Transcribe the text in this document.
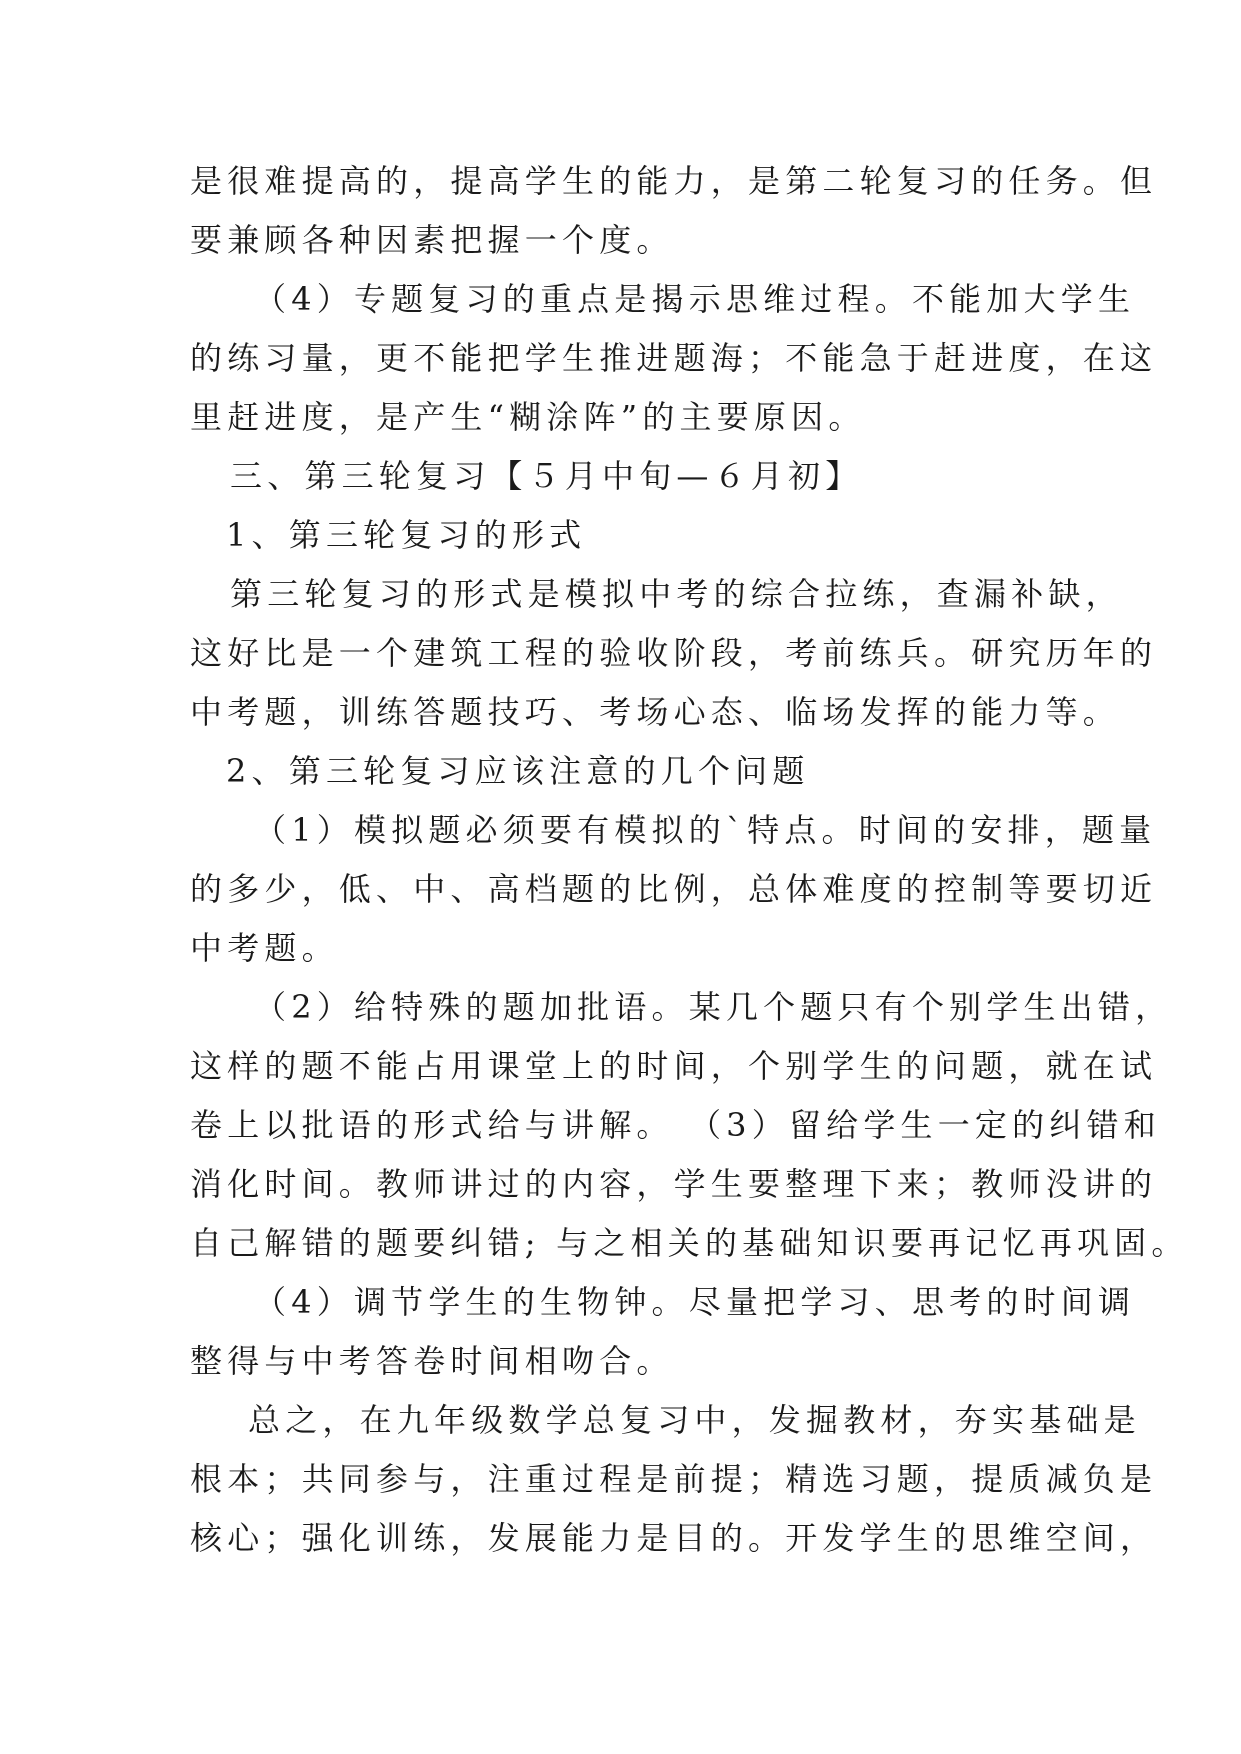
是很难提高的，提高学生的能力，是第二轮复习的任务。但
要兼顾各种因素把握一个度。
（4）专题复习的重点是揭示思维过程。不能加大学生
的练习量，更不能把学生推进题海；不能急于赶进度，在这
里赶进度，是产生“糊涂阵”的主要原因。
三、第三轮复习【５月中旬—６月初】
1、第三轮复习的形式
第三轮复习的形式是模拟中考的综合拉练，查漏补缺，
这好比是一个建筑工程的验收阶段，考前练兵。研究历年的
中考题，训练答题技巧、考场心态、临场发挥的能力等。
2、第三轮复习应该注意的几个问题
（1）模拟题必须要有模拟的`特点。时间的安排，题量
的多少，低、中、高档题的比例，总体难度的控制等要切近
中考题。
（2）给特殊的题加批语。某几个题只有个别学生出错，
这样的题不能占用课堂上的时间，个别学生的问题，就在试
卷上以批语的形式给与讲解。 （3）留给学生一定的纠错和
消化时间。教师讲过的内容，学生要整理下来；教师没讲的
自己解错的题要纠错; 与之相关的基础知识要再记忆再巩固。
（4）调节学生的生物钟。尽量把学习、思考的时间调
整得与中考答卷时间相吻合。
总之，在九年级数学总复习中，发掘教材，夯实基础是
根本；共同参与，注重过程是前提；精选习题，提质减负是
核心；强化训练，发展能力是目的。开发学生的思维空间，
